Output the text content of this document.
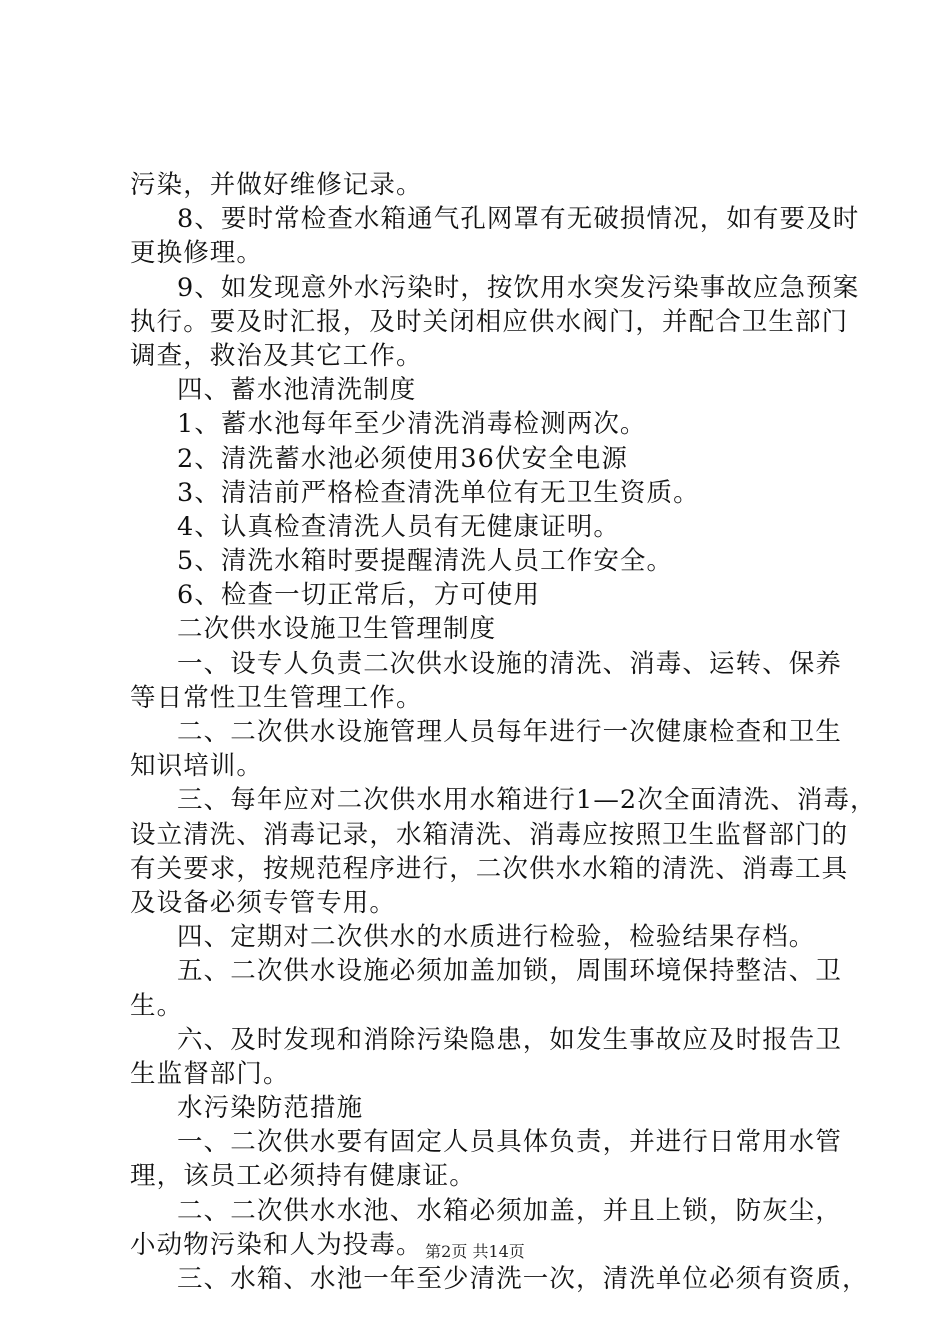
污染，并做好维修记录。
8、要时常检查水箱通气孔网罩有无破损情况，如有要及时
更换修理。
9、如发现意外水污染时，按饮用水突发污染事故应急预案
执行。要及时汇报，及时关闭相应供水阀门，并配合卫生部门
调查，救治及其它工作。
四、蓄水池清洗制度
1、蓄水池每年至少清洗消毒检测两次。
2、清洗蓄水池必须使用36伏安全电源
3、清洁前严格检查清洗单位有无卫生资质。
4、认真检查清洗人员有无健康证明。
5、清洗水箱时要提醒清洗人员工作安全。
6、检查一切正常后，方可使用
二次供水设施卫生管理制度
一、设专人负责二次供水设施的清洗、消毒、运转、保养
等日常性卫生管理工作。
二、二次供水设施管理人员每年进行一次健康检查和卫生
知识培训。
三、每年应对二次供水用水箱进行1—2次全面清洗、消毒，
设立清洗、消毒记录，水箱清洗、消毒应按照卫生监督部门的
有关要求，按规范程序进行，二次供水水箱的清洗、消毒工具
及设备必须专管专用。
四、定期对二次供水的水质进行检验，检验结果存档。
五、二次供水设施必须加盖加锁，周围环境保持整洁、卫
生。
六、及时发现和消除污染隐患，如发生事故应及时报告卫
生监督部门。
水污染防范措施
一、二次供水要有固定人员具体负责，并进行日常用水管
理，该员工必须持有健康证。
二、二次供水水池、水箱必须加盖，并且上锁，防灰尘，
小动物污染和人为投毒。
三、水箱、水池一年至少清洗一次，清洗单位必须有资质，
第2页 共14页
